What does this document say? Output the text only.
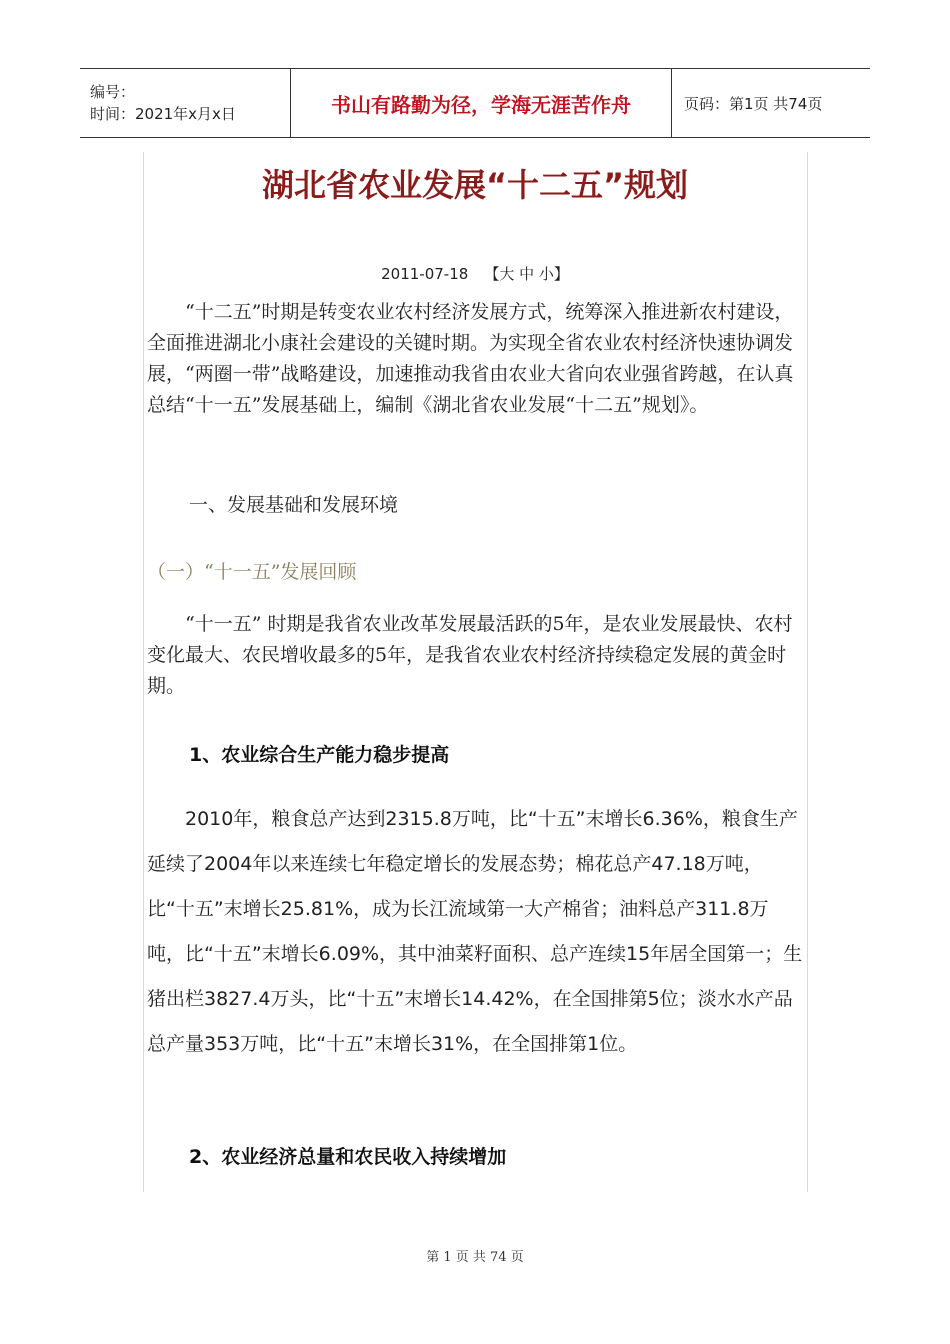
编号：
时间：2021年x月x日	书山有路勤为径，学海无涯苦作舟	页码：第1页 共74页
湖北省农业发展“十二五”规划
2011-07-18 【大 中 小】

“十二五”时期是转变农业农村经济发展方式，统筹深入推进新农村建设，全面推进湖北小康社会建设的关键时期。为实现全省农业农村经济快速协调发展，“两圈一带”战略建设，加速推动我省由农业大省向农业强省跨越，在认真总结“十一五”发展基础上，编制《湖北省农业发展“十二五”规划》。

一、发展基础和发展环境
（一）“十一五”发展回顾

“十一五” 时期是我省农业改革发展最活跃的5年，是农业发展最快、农村变化最大、农民增收最多的5年，是我省农业农村经济持续稳定发展的黄金时期。

1、农业综合生产能力稳步提高

2010年，粮食总产达到2315.8万吨，比“十五”末增长6.36%，粮食生产延续了2004年以来连续七年稳定增长的发展态势；棉花总产47.18万吨，比“十五”末增长25.81%，成为长江流域第一大产棉省；油料总产311.8万吨，比“十五”末增长6.09%，其中油菜籽面积、总产连续15年居全国第一；生猪出栏3827.4万头，比“十五”末增长14.42%，在全国排第5位；淡水水产品总产量353万吨，比“十五”末增长31%，在全国排第1位。

2、农业经济总量和农民收入持续增加
第 1 页 共 74 页
